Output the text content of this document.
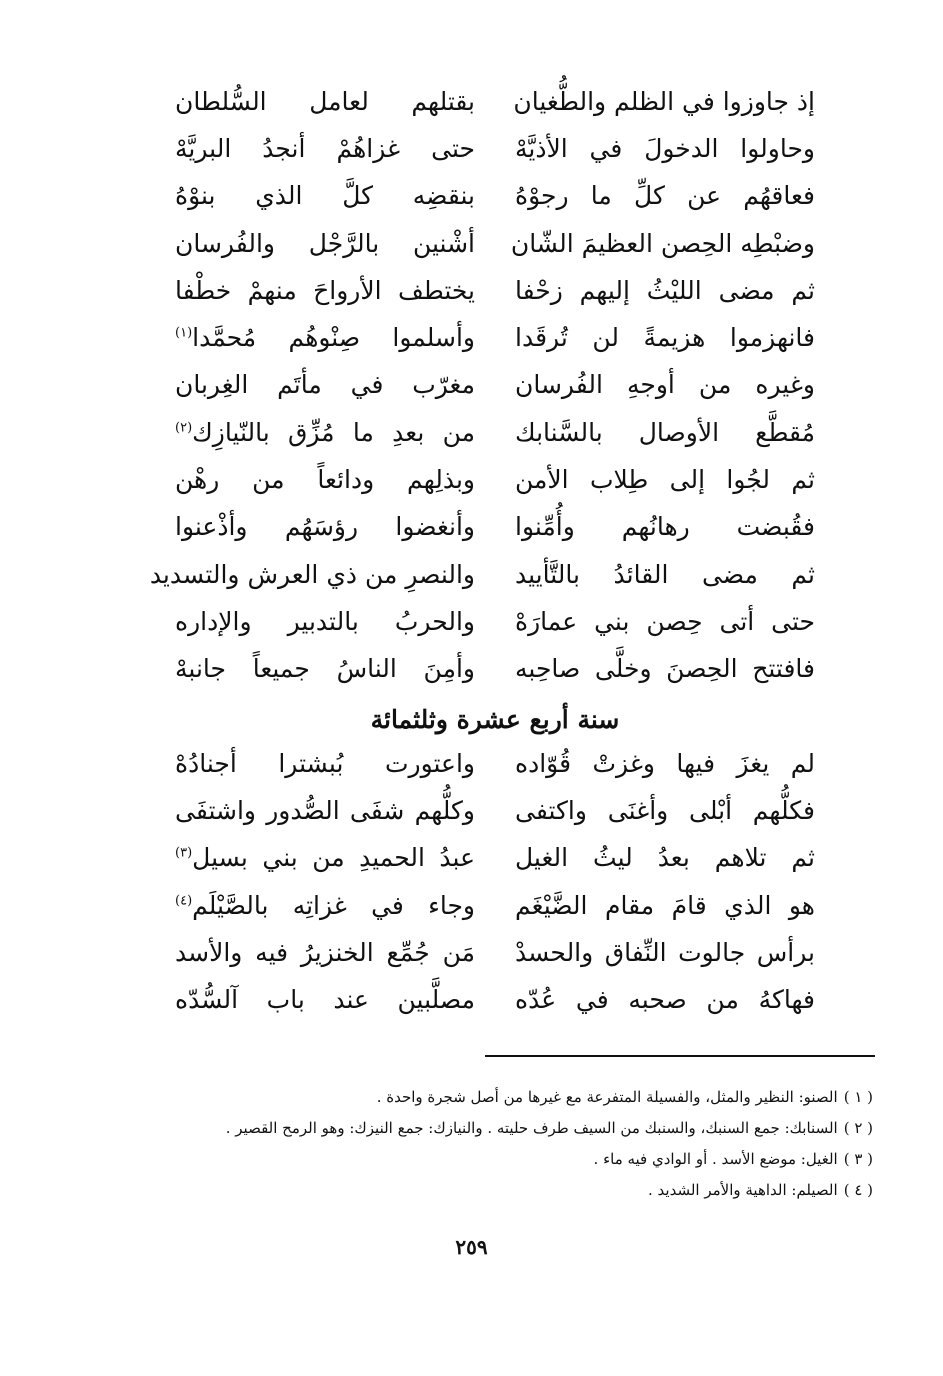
إذ جاوزوا في الظلم والطُّغيان
بقتلهم لعامل السُّلطان
وحاولوا الدخولَ في الأذيَّهْ
حتى غزاهُمْ أنجدُ البريَّهْ
فعاقهُم عن كلِّ ما رجوْهُ
بنقضِه كلَّ الذي بنوْهُ
وضبْطِه الحِصن العظيمَ الشّان
أشْنين بالرَّجْل والفُرسان
ثم مضى الليْثُ إليهم زحْفا
يختطف الأرواحَ منهمْ خطْفا
فانهزموا هزيمةً لن تُرقَدا
وأسلموا صِنْوهُم مُحمَّدا$^{(١)}$
وغيره من أوجهِ الفُرسان
مغرّب في مأتَم الغِربان
مُقطَّع الأوصال بالسَّنابك
من بعدِ ما مُزِّق بالنّيازِك$^{(٢)}$
ثم لجُوا إلى طِلاب الأمن
وبذلِهم ودائعاً من رهْن
فقُبضت رهانُهم وأُمِّنوا
وأنغضوا رؤسَهُم وأذْعنوا
ثم مضى القائدُ بالتَّأييد
والنصرِ من ذي العرش والتسديد
حتى أتى حِصن بني عمارَهْ
والحربُ بالتدبير والإداره
فافتتح الحِصنَ وخلَّى صاحِبه
وأمِنَ الناسُ جميعاً جانبهْ
سنة أربع عشرة وثلثمائة
لم يغزَ فيها وغزتْ قُوّاده
واعتورت بُبشترا أجنادُهْ
فكلُّهم أبْلى وأغنَى واكتفى
وكلُّهم شفَى الصُّدور واشتفَى
ثم تلاهم بعدُ ليثُ الغيل
عبدُ الحميدِ من بني بسيل$^{(٣)}$
هو الذي قامَ مقام الضَّيْغَم
وجاء في غزاتِه بالصَّيْلَم$^{(٤)}$
برأس جالوت النِّفاق والحسدْ
مَن جُمِّع الخنزيرُ فيه والأسد
فهاكهُ من صحبه في عُدّه
مصلَّبين عند باب آلسُّدّه
( ١ )الصنو: النظير والمثل، والفسيلة المتفرعة مع غيرها من أصل شجرة واحدة .
( ٢ )السنابك: جمع السنبك، والسنبك من السيف طرف حليته . والنيازك: جمع النيزك: وهو الرمح القصير .
( ٣ )الغيل: موضع الأسد . أو الوادي فيه ماء .
( ٤ )الصيلم: الداهية والأمر الشديد .
٢٥٩
